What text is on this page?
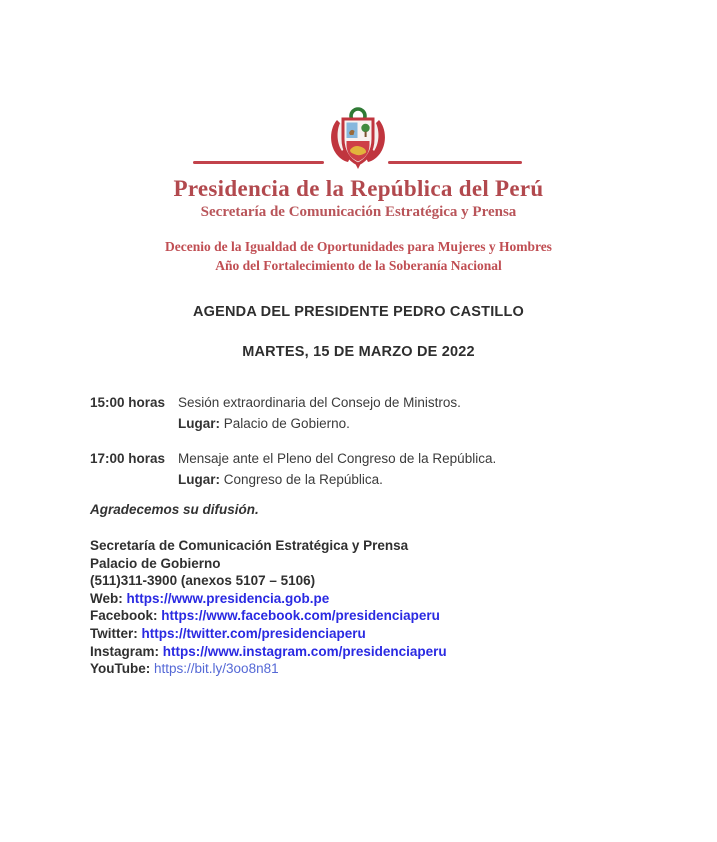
Presidencia de la República del Perú
Secretaría de Comunicación Estratégica y Prensa
Decenio de la Igualdad de Oportunidades para Mujeres y Hombres
Año del Fortalecimiento de la Soberanía Nacional
AGENDA DEL PRESIDENTE PEDRO CASTILLO
MARTES, 15 DE MARZO DE 2022
15:00 horas Sesión extraordinaria del Consejo de Ministros.
Lugar: Palacio de Gobierno.
17:00 horas Mensaje ante el Pleno del Congreso de la República.
Lugar: Congreso de la República.
Agradecemos su difusión.
Secretaría de Comunicación Estratégica y Prensa
Palacio de Gobierno
(511)311-3900 (anexos 5107 – 5106)
Web: https://www.presidencia.gob.pe
Facebook: https://www.facebook.com/presidenciaperu
Twitter: https://twitter.com/presidenciaperu
Instagram: https://www.instagram.com/presidenciaperu
YouTube: https://bit.ly/3oo8n81
